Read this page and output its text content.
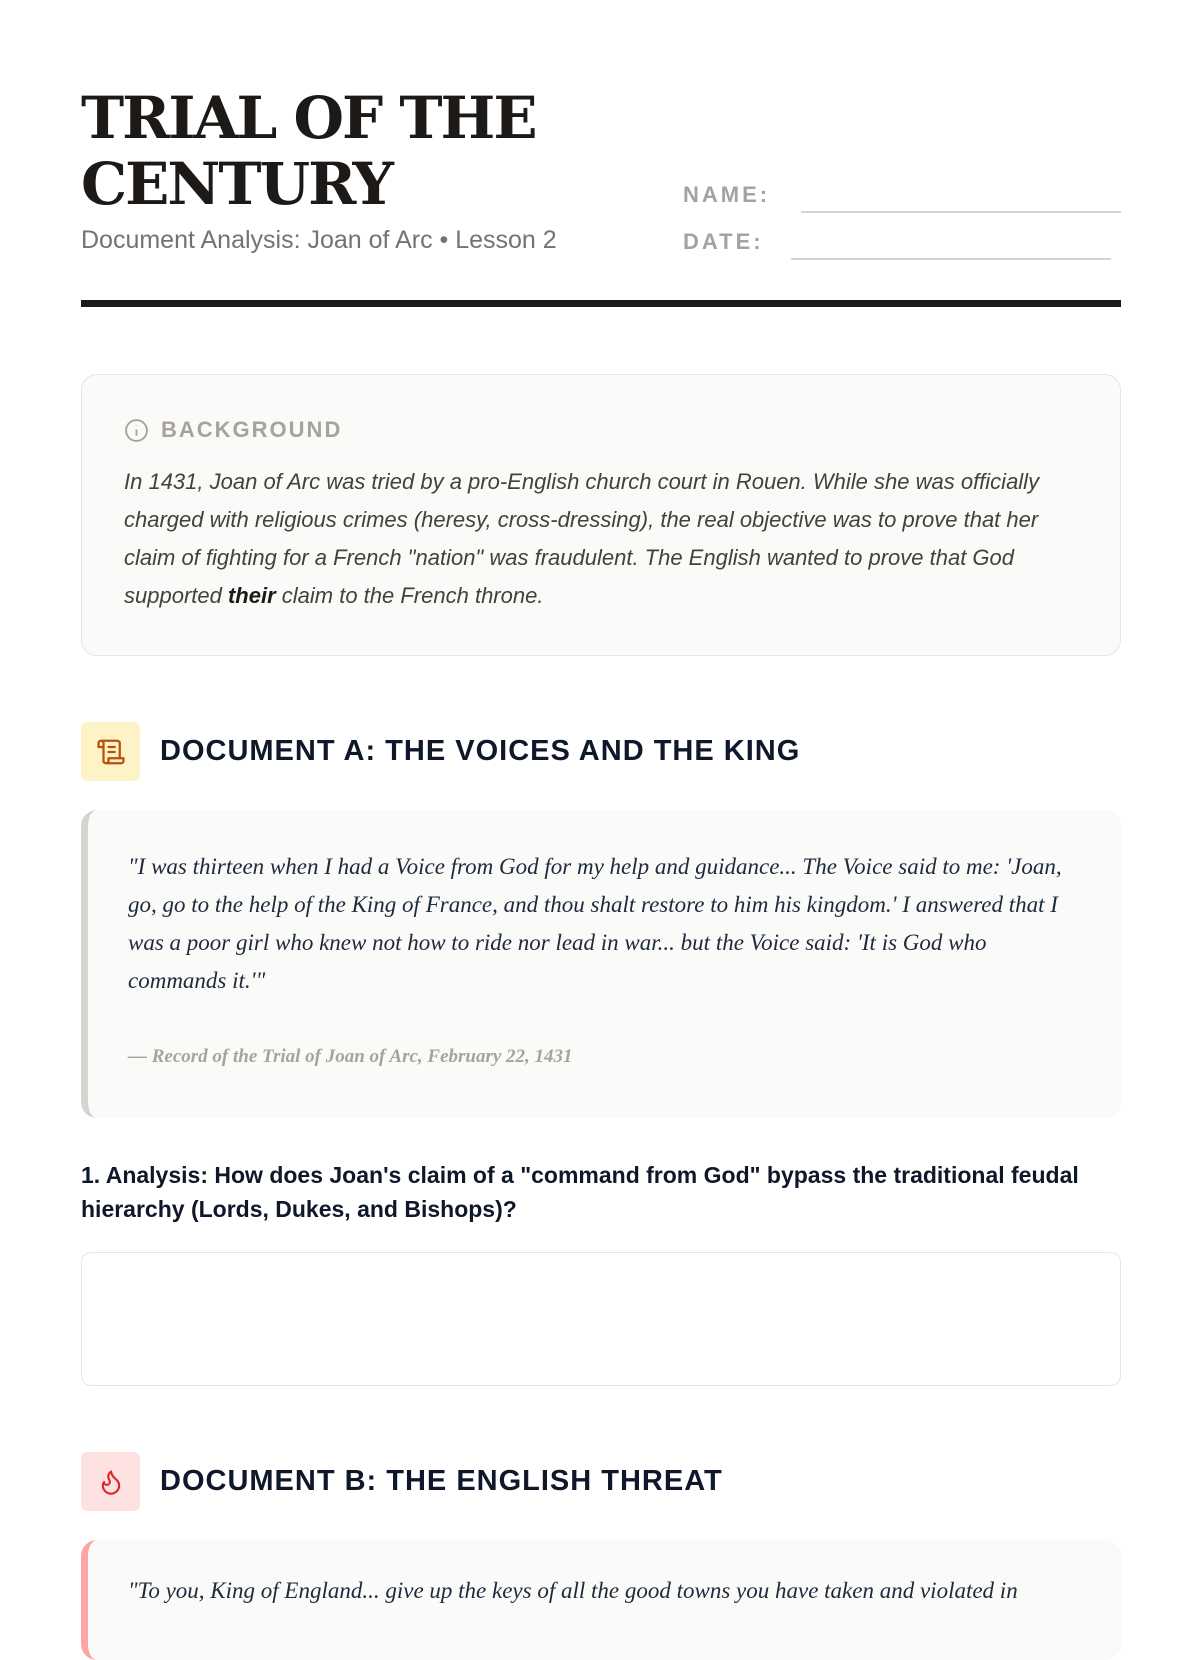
TRIAL OF THE
CENTURY
Document Analysis: Joan of Arc • Lesson 2
NAME:
DATE:
BACKGROUND

In 1431, Joan of Arc was tried by a pro-English church court in Rouen. While she was officially charged with religious crimes (heresy, cross-dressing), the real objective was to prove that her claim of fighting for a French "nation" was fraudulent. The English wanted to prove that God supported their claim to the French throne.

DOCUMENT A: THE VOICES AND THE KING

"I was thirteen when I had a Voice from God for my help and guidance... The Voice said to me: 'Joan, go, go to the help of the King of France, and thou shalt restore to him his kingdom.' I answered that I was a poor girl who knew not how to ride nor lead in war... but the Voice said: 'It is God who commands it.'"

— Record of the Trial of Joan of Arc, February 22, 1431

1. Analysis: How does Joan's claim of a "command from God" bypass the traditional feudal hierarchy (Lords, Dukes, and Bishops)?

DOCUMENT B: THE ENGLISH THREAT

"To you, King of England... give up the keys of all the good towns you have taken and violated in
